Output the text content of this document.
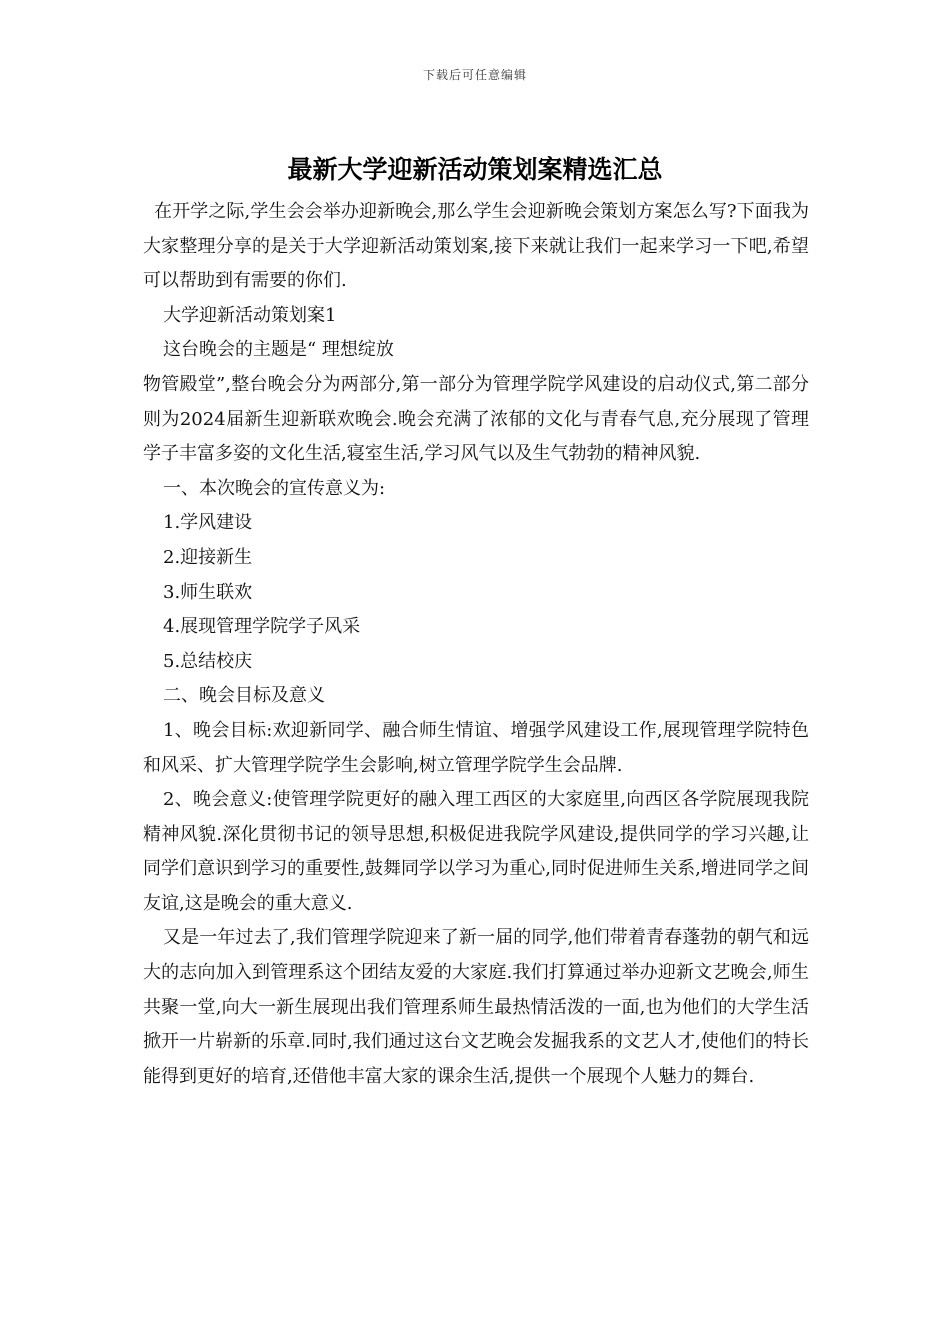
下载后可任意编辑
最新大学迎新活动策划案精选汇总

在开学之际,学生会会举办迎新晚会,那么学生会迎新晚会策划方案怎么写?下面我为大家整理分享的是关于大学迎新活动策划案,接下来就让我们一起来学习一下吧,希望可以帮助到有需要的你们.

大学迎新活动策划案1

这台晚会的主题是“ 理想绽放

物管殿堂”,整台晚会分为两部分,第一部分为管理学院学风建设的启动仪式,第二部分则为2024届新生迎新联欢晚会.晚会充满了浓郁的文化与青春气息,充分展现了管理学子丰富多姿的文化生活,寝室生活,学习风气以及生气勃勃的精神风貌.

一、本次晚会的宣传意义为:

1.学风建设

2.迎接新生

3.师生联欢

4.展现管理学院学子风采

5.总结校庆

二、晚会目标及意义

1、晚会目标:欢迎新同学、融合师生情谊、增强学风建设工作,展现管理学院特色和风采、扩大管理学院学生会影响,树立管理学院学生会品牌.

2、晚会意义:使管理学院更好的融入理工西区的大家庭里,向西区各学院展现我院精神风貌.深化贯彻书记的领导思想,积极促进我院学风建设,提供同学的学习兴趣,让同学们意识到学习的重要性,鼓舞同学以学习为重心,同时促进师生关系,增进同学之间友谊,这是晚会的重大意义.

又是一年过去了,我们管理学院迎来了新一届的同学,他们带着青春蓬勃的朝气和远大的志向加入到管理系这个团结友爱的大家庭.我们打算通过举办迎新文艺晚会,师生共聚一堂,向大一新生展现出我们管理系师生最热情活泼的一面,也为他们的大学生活掀开一片崭新的乐章.同时,我们通过这台文艺晚会发掘我系的文艺人才,使他们的特长能得到更好的培育,还借他丰富大家的课余生活,提供一个展现个人魅力的舞台.
